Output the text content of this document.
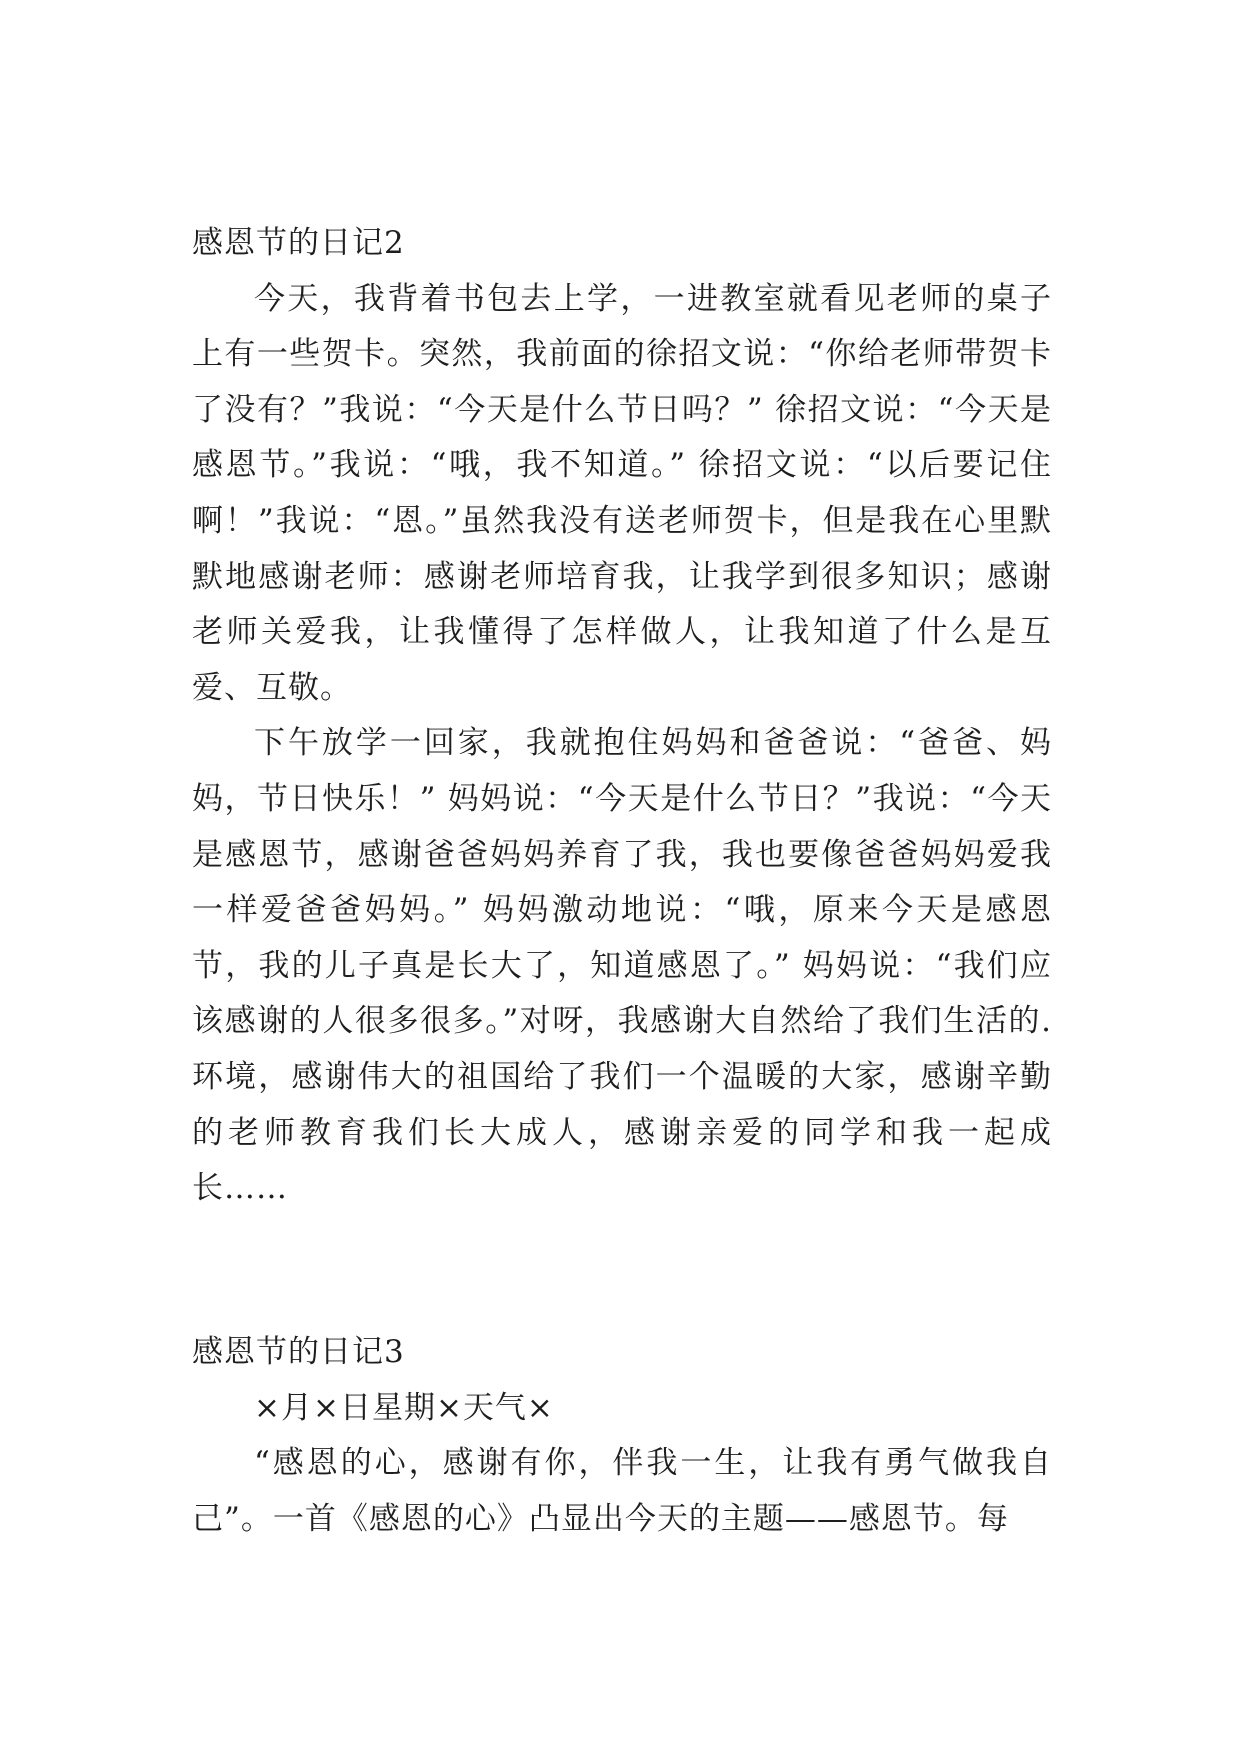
感恩节的日记2

今天，我背着书包去上学，一进教室就看见老师的桌子上有一些贺卡。突然，我前面的徐招文说：“你给老师带贺卡了没有？”我说：“今天是什么节日吗？” 徐招文说：“今天是感恩节。”我说：“哦，我不知道。” 徐招文说：“以后要记住啊！”我说：“恩。”虽然我没有送老师贺卡，但是我在心里默默地感谢老师：感谢老师培育我，让我学到很多知识；感谢老师关爱我，让我懂得了怎样做人，让我知道了什么是互爱、互敬。

下午放学一回家，我就抱住妈妈和爸爸说：“爸爸、妈妈，节日快乐！” 妈妈说：“今天是什么节日？”我说：“今天是感恩节，感谢爸爸妈妈养育了我，我也要像爸爸妈妈爱我一样爱爸爸妈妈。” 妈妈激动地说：“哦，原来今天是感恩节，我的儿子真是长大了，知道感恩了。” 妈妈说：“我们应该感谢的人很多很多。”对呀，我感谢大自然给了我们生活的.环境，感谢伟大的祖国给了我们一个温暖的大家，感谢辛勤的老师教育我们长大成人，感谢亲爱的同学和我一起成长……

感恩节的日记3

×月×日星期×天气×

“感恩的心，感谢有你，伴我一生，让我有勇气做我自己”。一首《感恩的心》凸显出今天的主题——感恩节。每
